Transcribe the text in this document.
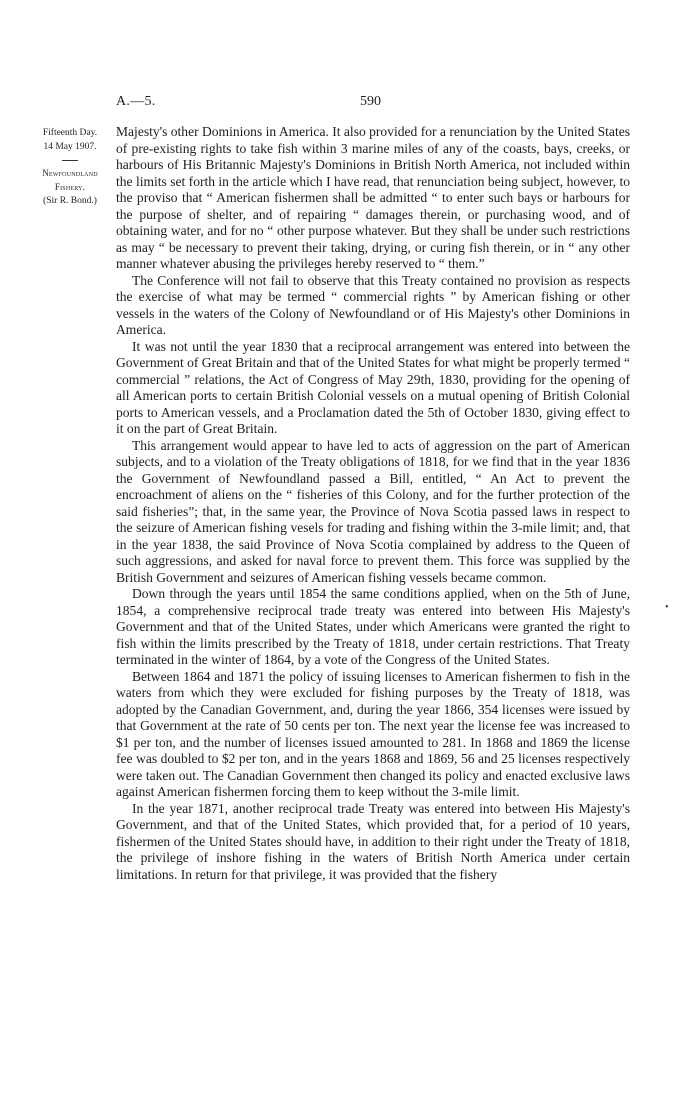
A.—5.	590
Fifteenth Day.
14 May 1907.
Newfoundland
Fishery.
(Sir R. Bond.)

Majesty's other Dominions in America. It also provided for a renunciation by the United States of pre-existing rights to take fish within 3 marine miles of any of the coasts, bays, creeks, or harbours of His Britannic Majesty's Dominions in British North America, not included within the limits set forth in the article which I have read, that renunciation being subject, however, to the proviso that “ American fishermen shall be admitted “ to enter such bays or harbours for the purpose of shelter, and of repairing “ damages therein, or purchasing wood, and of obtaining water, and for no “ other purpose whatever. But they shall be under such restrictions as may “ be necessary to prevent their taking, drying, or curing fish therein, or in “ any other manner whatever abusing the privileges hereby reserved to “ them.”

The Conference will not fail to observe that this Treaty contained no provision as respects the exercise of what may be termed “ commercial rights ” by American fishing or other vessels in the waters of the Colony of Newfoundland or of His Majesty's other Dominions in America.

It was not until the year 1830 that a reciprocal arrangement was entered into between the Government of Great Britain and that of the United States for what might be properly termed “ commercial ” relations, the Act of Congress of May 29th, 1830, providing for the opening of all American ports to certain British Colonial vessels on a mutual opening of British Colonial ports to American vessels, and a Proclamation dated the 5th of October 1830, giving effect to it on the part of Great Britain.

This arrangement would appear to have led to acts of aggression on the part of American subjects, and to a violation of the Treaty obligations of 1818, for we find that in the year 1836 the Government of Newfoundland passed a Bill, entitled, “ An Act to prevent the encroachment of aliens on the “ fisheries of this Colony, and for the further protection of the said fisheries”; that, in the same year, the Province of Nova Scotia passed laws in respect to the seizure of American fishing vesels for trading and fishing within the 3-mile limit; and, that in the year 1838, the said Province of Nova Scotia complained by address to the Queen of such aggressions, and asked for naval force to prevent them. This force was supplied by the British Government and seizures of American fishing vessels became common.

Down through the years until 1854 the same conditions applied, when on the 5th of June, 1854, a comprehensive reciprocal trade treaty was entered into between His Majesty's Government and that of the United States, under which Americans were granted the right to fish within the limits prescribed by the Treaty of 1818, under certain restrictions. That Treaty terminated in the winter of 1864, by a vote of the Congress of the United States.

Between 1864 and 1871 the policy of issuing licenses to American fishermen to fish in the waters from which they were excluded for fishing purposes by the Treaty of 1818, was adopted by the Canadian Government, and, during the year 1866, 354 licenses were issued by that Government at the rate of 50 cents per ton. The next year the license fee was increased to $1 per ton, and the number of licenses issued amounted to 281. In 1868 and 1869 the license fee was doubled to $2 per ton, and in the years 1868 and 1869, 56 and 25 licenses respectively were taken out. The Canadian Government then changed its policy and enacted exclusive laws against American fishermen forcing them to keep without the 3-mile limit.

In the year 1871, another reciprocal trade Treaty was entered into between His Majesty's Government, and that of the United States, which provided that, for a period of 10 years, fishermen of the United States should have, in addition to their right under the Treaty of 1818, the privilege of inshore fishing in the waters of British North America under certain limitations. In return for that privilege, it was provided that the fishery

•
